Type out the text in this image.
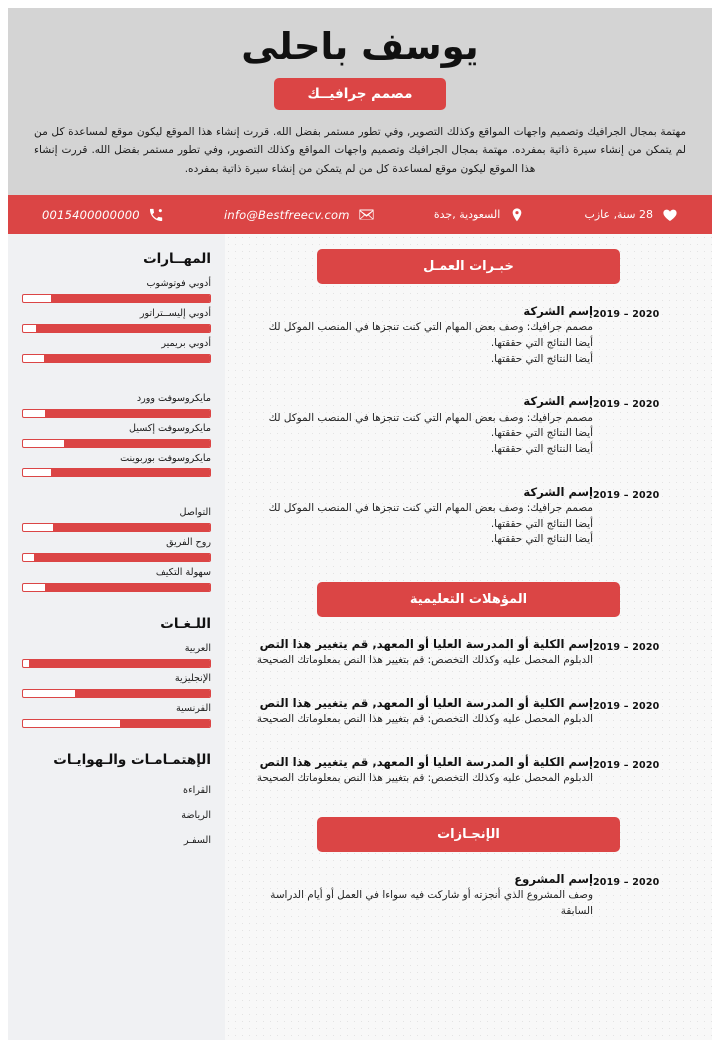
يوسف باحلى
مصمم جرافيــك
مهتمة بمجال الجرافيك وتصميم واجهات المواقع وكذلك التصوير, وفي تطور مستمر بفضل الله. قررت إنشاء هذا الموقع ليكون موقع لمساعدة كل من لم يتمكن من إنشاء سيرة ذاتية بمفرده. مهتمة بمجال الجرافيك وتصميم واجهات المواقع وكذلك التصوير, وفي تطور مستمر بفضل الله. قررت إنشاء هذا الموقع ليكون موقع لمساعدة كل من لم يتمكن من إنشاء سيرة ذاتية بمفرده.
0015400000000	info@Bestfreecv.com	السعودية ,جدة	28 سنة, عازب
خبـرات العمـل
2019 – 2020
إسم الشركة
مصمم جرافيك: وصف بعض المهام التي كنت تنجزها في المنصب الموكل لك
أيضا النتائج التي حققتها.
أيضا النتائج التي حققتها.
2019 – 2020
إسم الشركة
مصمم جرافيك: وصف بعض المهام التي كنت تنجزها في المنصب الموكل لك
أيضا النتائج التي حققتها.
أيضا النتائج التي حققتها.
2019 – 2020
إسم الشركة
مصمم جرافيك: وصف بعض المهام التي كنت تنجزها في المنصب الموكل لك
أيضا النتائج التي حققتها.
أيضا النتائج التي حققتها.
المؤهلات التعليمية
2019 – 2020
إسم الكلية أو المدرسة العليا أو المعهد, قم يتغيير هذا التص
الدبلوم المحصل عليه وكذلك التخصص: قم بتغيير هذا النص بمعلوماتك الصحيحة
2019 – 2020
إسم الكلية أو المدرسة العليا أو المعهد, قم يتغيير هذا التص
الدبلوم المحصل عليه وكذلك التخصص: قم بتغيير هذا النص بمعلوماتك الصحيحة
2019 – 2020
إسم الكلية أو المدرسة العليا أو المعهد, قم يتغيير هذا التص
الدبلوم المحصل عليه وكذلك التخصص: قم بتغيير هذا النص بمعلوماتك الصحيحة
الإنجـازات
2019 – 2020
إسم المشروع
وصف المشروع الذي أنجزته أو شاركت فيه سواءا في العمل أو أيام الدراسة السابقة
المهــارات
أدوبي فوتوشوب
أدوبي إليســتراتور
أدوبي بريمير
مايكروسوفت وورد
مايكروسوفت إكسيل
مايكروسوفت بوربوينت
التواصل
روح الفريق
سهولة التكيف
اللـغـات
العربية
الإنجليزية
الفرنسية
الإهتمـامـات والـهوايـات
القراءة
الرياضة
السفـر
